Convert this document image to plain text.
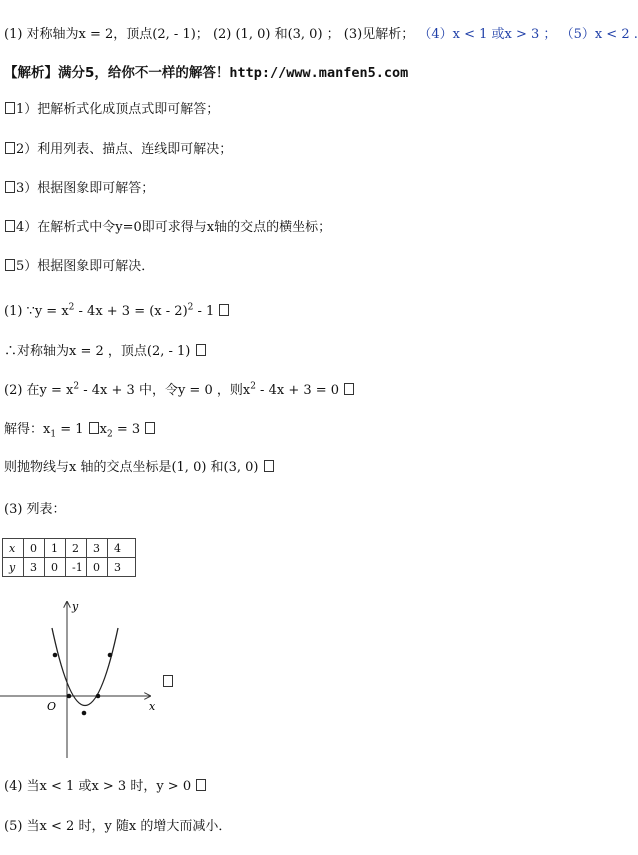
(1) 对称轴为x = 2，顶点(2, - 1)； (2) (1, 0) 和(3, 0) ； (3)见解析； （4）x < 1 或x > 3 ； （5）x < 2 .
【解析】满分5，给你不一样的解答！http://www.manfen5.com
1）把解析式化成顶点式即可解答；
2）利用列表、描点、连线即可解决；
3）根据图象即可解答；
4）在解析式中令y=0即可求得与x轴的交点的横坐标；
5）根据图象即可解决．
(1) ∵y = $x^2 - 4x + 3 = (x - 2)^2 - 1$
∴对称轴为x = 2 ，顶点(2, - 1)
(2) 在$y = x^2 - 4x + 3$ 中，令y = 0 ，则$x^2 - 4x + 3 = 0$
解得：$x_1 = 1$ $x_2 = 3$
则抛物线与x 轴的交点坐标是(1, 0) 和(3, 0)
(3) 列表：
x	0	1	2	3	4
y	3	0	-1	0	3
y
x
O
(4) 当x < 1 或x > 3 时，y > 0
(5) 当x < 2 时，y 随x 的增大而减小．
